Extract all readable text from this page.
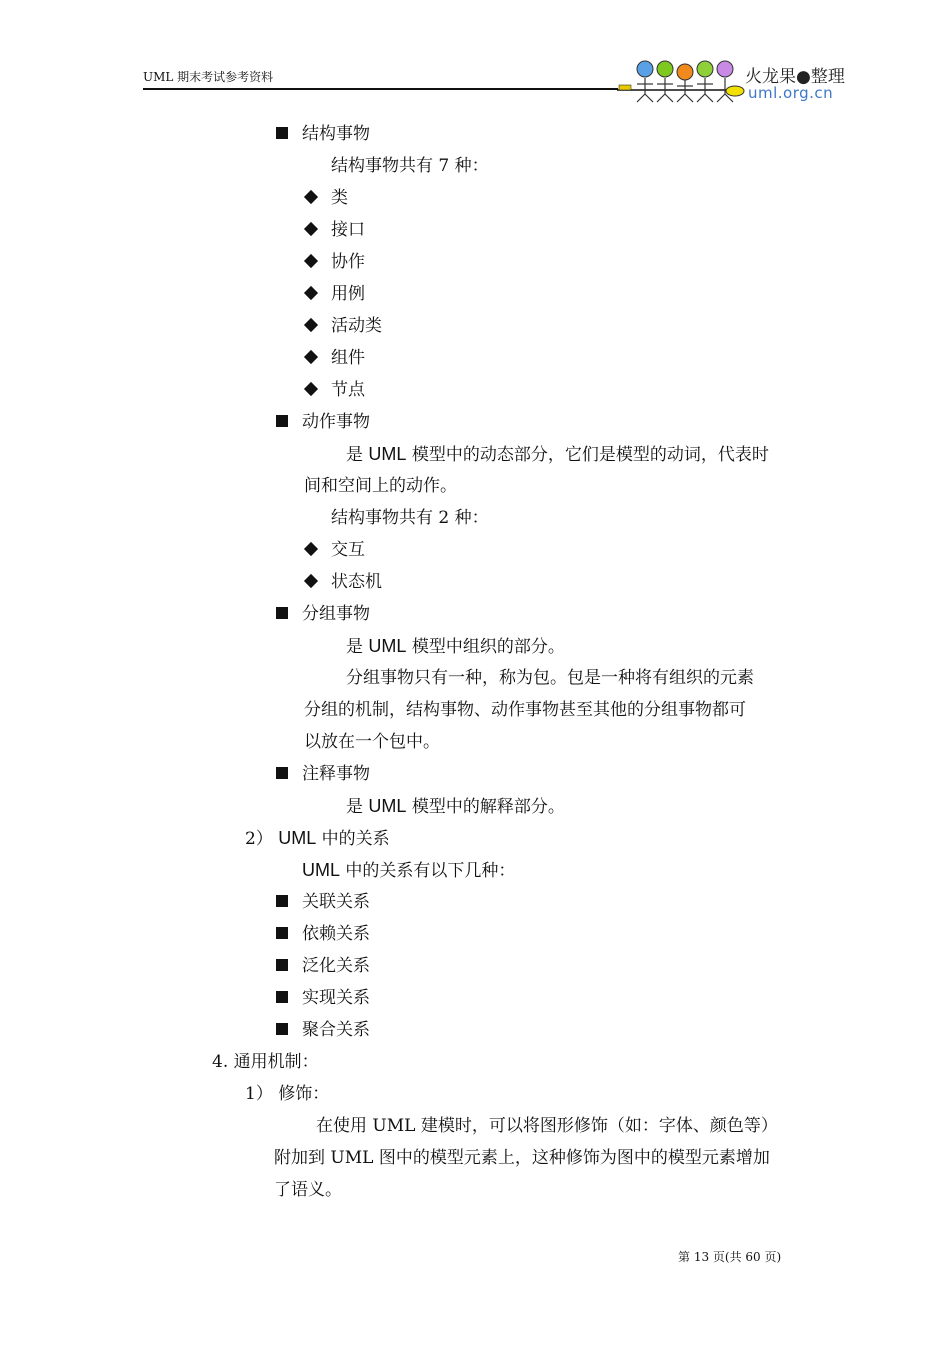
UML 期末考试参考资料	火龙果●整理
uml.org.cn
结构事物
结构事物共有 7 种：
类
接口
协作
用例
活动类
组件
节点
动作事物
是 UML 模型中的动态部分，它们是模型的动词，代表时
间和空间上的动作。
结构事物共有 2 种：
交互
状态机
分组事物
是 UML 模型中组织的部分。
分组事物只有一种，称为包。包是一种将有组织的元素
分组的机制，结构事物、动作事物甚至其他的分组事物都可
以放在一个包中。
注释事物
是 UML 模型中的解释部分。
2） UML 中的关系
UML 中的关系有以下几种：
关联关系
依赖关系
泛化关系
实现关系
聚合关系
4. 通用机制：
1） 修饰：
在使用 UML 建模时，可以将图形修饰（如：字体、颜色等）
附加到 UML 图中的模型元素上，这种修饰为图中的模型元素增加
了语义。
第 13 页(共 60 页)
